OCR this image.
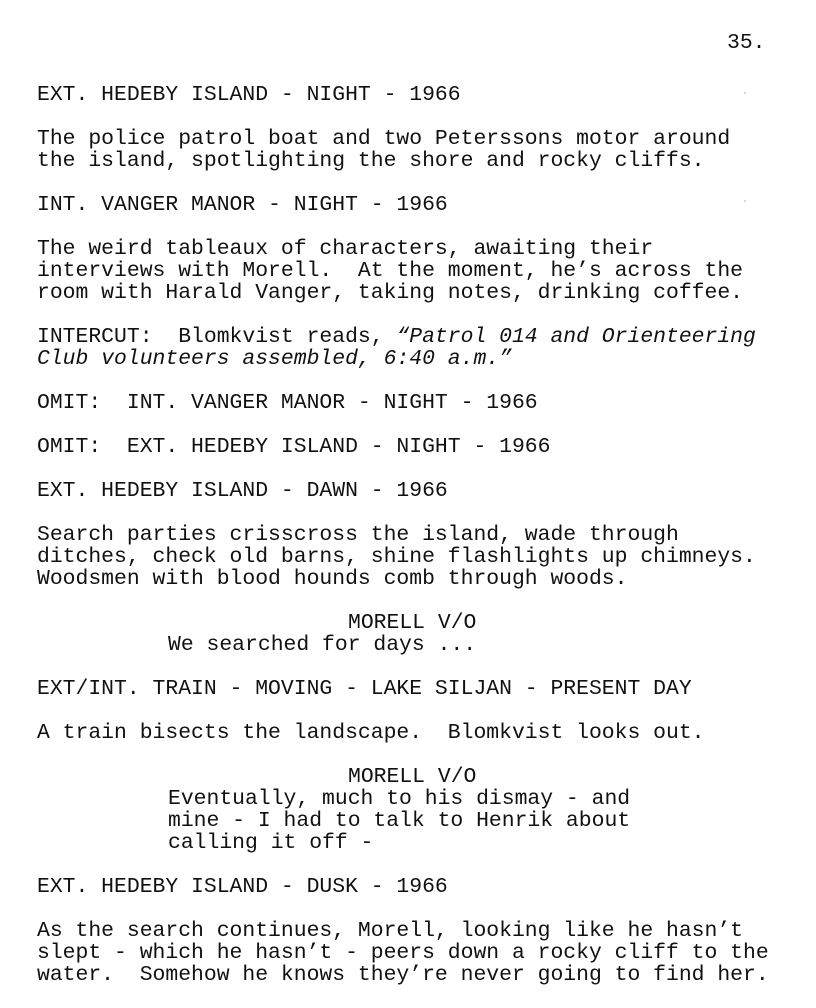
35.
EXT. HEDEBY ISLAND - NIGHT - 1966
The police patrol boat and two Peterssons motor around
the island, spotlighting the shore and rocky cliffs.
INT. VANGER MANOR - NIGHT - 1966
The weird tableaux of characters, awaiting their
interviews with Morell.  At the moment, he’s across the
room with Harald Vanger, taking notes, drinking coffee.
INTERCUT:  Blomkvist reads, “Patrol 014 and Orienteering
Club volunteers assembled, 6:40 a.m.”
OMIT:  INT. VANGER MANOR - NIGHT - 1966
OMIT:  EXT. HEDEBY ISLAND - NIGHT - 1966
EXT. HEDEBY ISLAND - DAWN - 1966
Search parties crisscross the island, wade through
ditches, check old barns, shine flashlights up chimneys.
Woodsmen with blood hounds comb through woods.
MORELL V/O
We searched for days ...
EXT/INT. TRAIN - MOVING - LAKE SILJAN - PRESENT DAY
A train bisects the landscape.  Blomkvist looks out.
MORELL V/O
Eventually, much to his dismay - and
mine - I had to talk to Henrik about
calling it off -
EXT. HEDEBY ISLAND - DUSK - 1966
As the search continues, Morell, looking like he hasn’t
slept - which he hasn’t - peers down a rocky cliff to the
water.  Somehow he knows they’re never going to find her.
